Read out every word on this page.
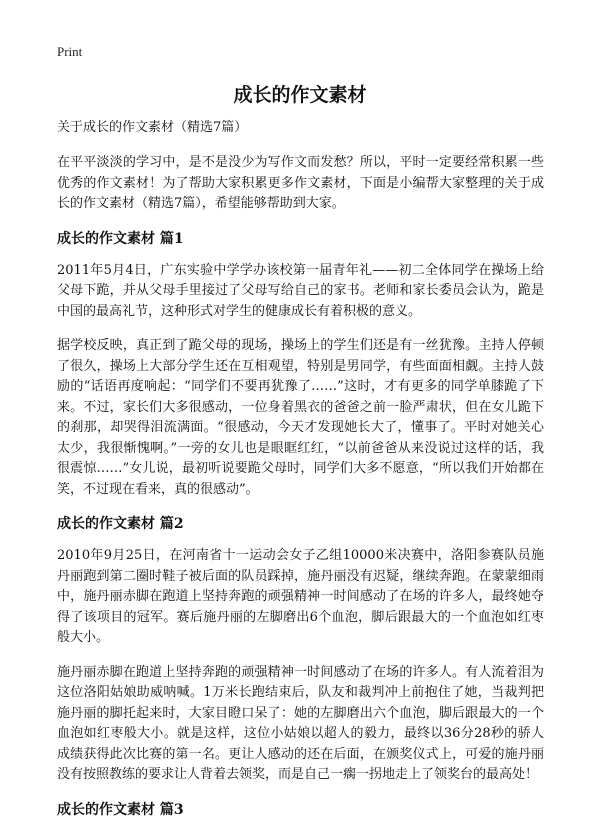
Print
成长的作文素材

关于成长的作文素材（精选7篇）

在平平淡淡的学习中，是不是没少为写作文而发愁？所以，平时一定要经常积累一些优秀的作文素材！为了帮助大家积累更多作文素材，下面是小编帮大家整理的关于成长的作文素材（精选7篇），希望能够帮助到大家。

成长的作文素材 篇1

2011年5月4日，广东实验中学学办该校第一届青年礼——初二全体同学在操场上给父母下跪，并从父母手里接过了父母写给自己的家书。老师和家长委员会认为，跪是中国的最高礼节，这种形式对学生的健康成长有着积极的意义。

据学校反映，真正到了跪父母的现场，操场上的学生们还是有一丝犹豫。主持人停顿了很久，操场上大部分学生还在互相观望，特别是男同学，有些面面相觑。主持人鼓励的“话语再度响起：“同学们不要再犹豫了……”这时，才有更多的同学单膝跪了下来。不过，家长们大多很感动，一位身着黑衣的爸爸之前一脸严肃状，但在女儿跪下的刹那，却哭得泪流满面。“很感动，今天才发现她长大了，懂事了。平时对她关心太少，我很惭愧啊。”一旁的女儿也是眼眶红红，“以前爸爸从来没说过这样的话，我很震惊……”女儿说，最初听说要跪父母时，同学们大多不愿意，“所以我们开始都在笑，不过现在看来，真的很感动”。

成长的作文素材 篇2

2010年9月25日，在河南省十一运动会女子乙组10000米决赛中，洛阳参赛队员施丹丽跑到第二圈时鞋子被后面的队员踩掉，施丹丽没有迟疑，继续奔跑。在蒙蒙细雨中，施丹丽赤脚在跑道上坚持奔跑的顽强精神一时间感动了在场的许多人，最终她夺得了该项目的冠军。赛后施丹丽的左脚磨出6个血泡，脚后跟最大的一个血泡如红枣般大小。

施丹丽赤脚在跑道上坚持奔跑的顽强精神一时间感动了在场的许多人。有人流着泪为这位洛阳姑娘助威呐喊。1万米长跑结束后，队友和裁判冲上前抱住了她，当裁判把施丹丽的脚托起来时，大家目瞪口呆了：她的左脚磨出六个血泡，脚后跟最大的一个血泡如红枣般大小。就是这样，这位小姑娘以超人的毅力，最终以36分28秒的骄人成绩获得此次比赛的第一名。更让人感动的还在后面，在颁奖仪式上，可爱的施丹丽没有按照教练的要求让人背着去领奖，而是自己一瘸一拐地走上了领奖台的最高处！

成长的作文素材 篇3
